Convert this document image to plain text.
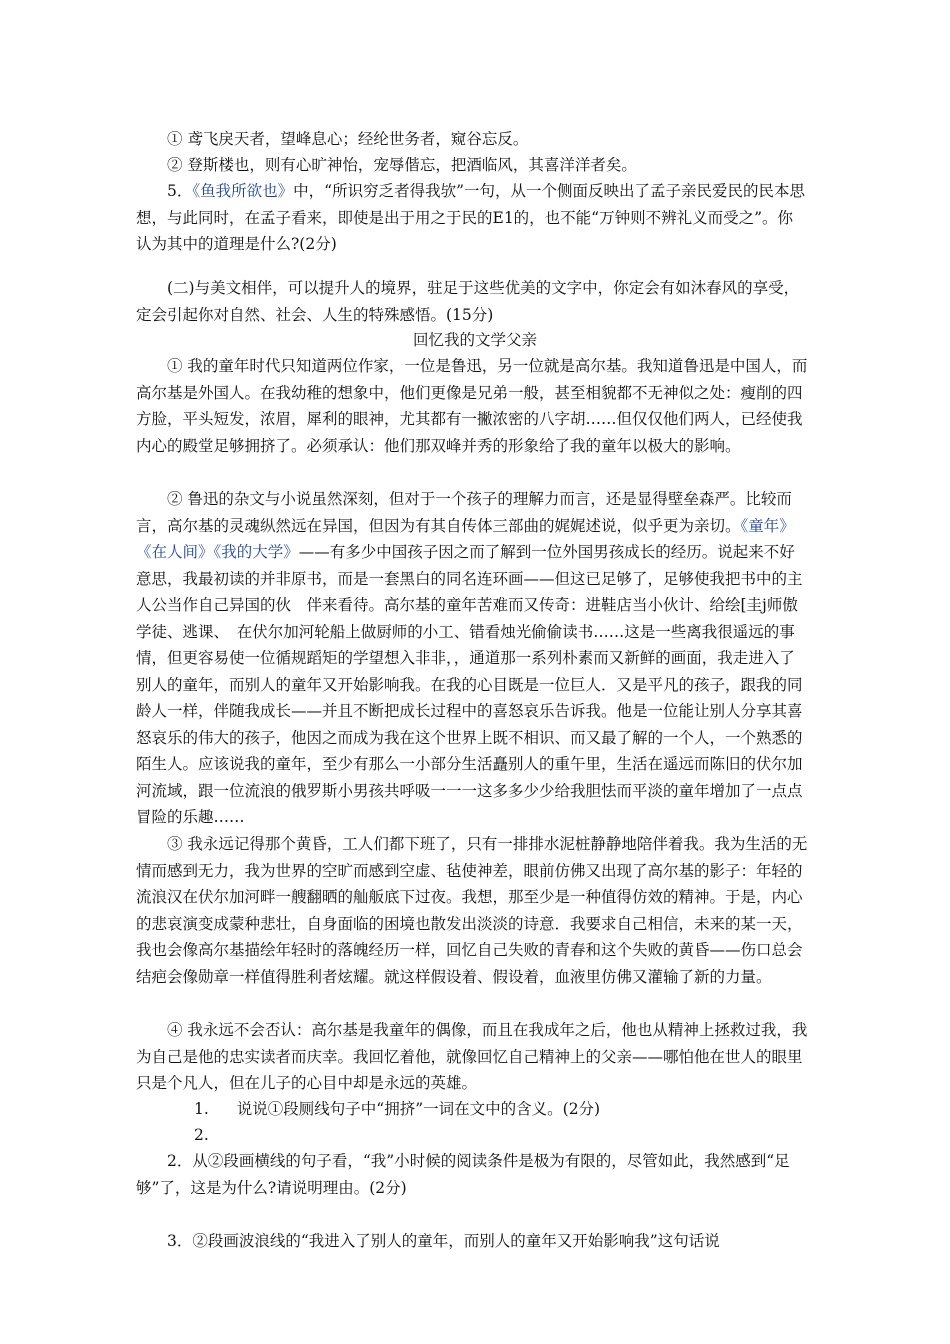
① 鸢飞戾天者，望峰息心；经纶世务者，窥谷忘反。

② 登斯楼也，则有心旷神怡，宠辱偕忘，把酒临风，其喜洋洋者矣。

5．《鱼我所欲也》中，“所识穷乏者得我欤”一句，从一个侧面反映出了孟子亲民爱民的民本思想，与此同时，在孟子看来，即使是出于用之于民的E1的，也不能“万钟则不辨礼义而受之”。你认为其中的道理是什么?(2分)

(二)与美文相伴，可以提升人的境界，驻足于这些优美的文字中，你定会有如沐春风的享受，定会引起你对自然、社会、人生的特殊感悟。(15分)

回忆我的文学父亲

① 我的童年时代只知道两位作家，一位是鲁迅，另一位就是高尔基。我知道鲁迅是中国人，而高尔基是外国人。在我幼稚的想象中，他们更像是兄弟一般，甚至相貌都不无神似之处：瘦削的四方脸，平头短发，浓眉，犀利的眼神，尤其都有一撇浓密的八字胡……但仅仅他们两人，已经使我内心的殿堂足够拥挤了。必须承认：他们那双峰并秀的形象给了我的童年以极大的影响。

② 鲁迅的杂文与小说虽然深刻，但对于一个孩子的理解力而言，还是显得壁垒森严。比较而言，高尔基的灵魂纵然远在异国，但因为有其自传体三部曲的娓娓述说，似乎更为亲切。《童年》《在人间》《我的大学》——有多少中国孩子因之而了解到一位外国男孩成长的经历。说起来不好意思，我最初读的并非原书，而是一套黑白的同名连环画——但这已足够了，足够使我把书中的主人公当作自己异国的伙　伴来看待。高尔基的童年苦难而又传奇：进鞋店当小伙计、给绘[圭j师傲学徒、逃课、　在伏尔加河轮船上做厨师的小工、错看烛光偷偷读书……这是一些离我很遥远的事情，但更容易使一位循规蹈矩的学望想入非非，，通道那一系列朴素而又新鲜的画面，我走进入了别人的童年，而别人的童年又开始影响我。在我的心目既是一位巨人．又是平凡的孩子，跟我的同龄人一样，伴随我成长——并且不断把成长过程中的喜怒哀乐告诉我。他是一位能让别人分享其喜怒哀乐的伟大的孩子，他因之而成为我在这个世界上既不相识、而又最了解的一个人，一个熟悉的陌生人。应该说我的童年，至少有那么一小部分生活矗别人的重午里，生活在遥远而陈旧的伏尔加河流域，跟一位流浪的俄罗斯小男孩共呼吸一一一这多多少少给我胆怯而平淡的童年增加了一点点冒险的乐趣……

③ 我永远记得那个黄昏，工人们都下班了，只有一排排水泥桩静静地陪伴着我。我为生活的无情而感到无力，我为世界的空旷而感到空虚、毡使神差，眼前仿佛又出现了高尔基的影子：年轻的流浪汉在伏尔加河畔一艘翻晒的舢舨底下过夜。我想，那至少是一种值得仿效的精神。于是，内心的悲哀演变成蒙种悲壮，自身面临的困境也散发出淡淡的诗意．我要求自己相信，未来的某一天，我也会像高尔基描绘年轻时的落魄经历一样，回忆自己失败的青春和这个失败的黄昏——伤口总会结疤会像勋章一样值得胜利者炫耀。就这样假设着、假设着，血液里仿佛又灌输了新的力量。

④ 我永远不会否认：高尔基是我童年的偶像，而且在我成年之后，他也从精神上拯救过我，我为自己是他的忠实读者而庆幸。我回忆着他，就像回忆自己精神上的父亲——哪怕他在世人的眼里只是个凡人，但在儿子的心目中却是永远的英雄。

1. 说说①段厕线句子中“拥挤”一词在文中的含义。(2分)

2.

2．从②段画横线的句子看，“我”小时候的阅读条件是极为有限的，尽管如此，我然感到“足够”了，这是为什么?请说明理由。(2分)

3．②段画波浪线的“我进入了别人的童年，而别人的童年又开始影响我”这句话说
